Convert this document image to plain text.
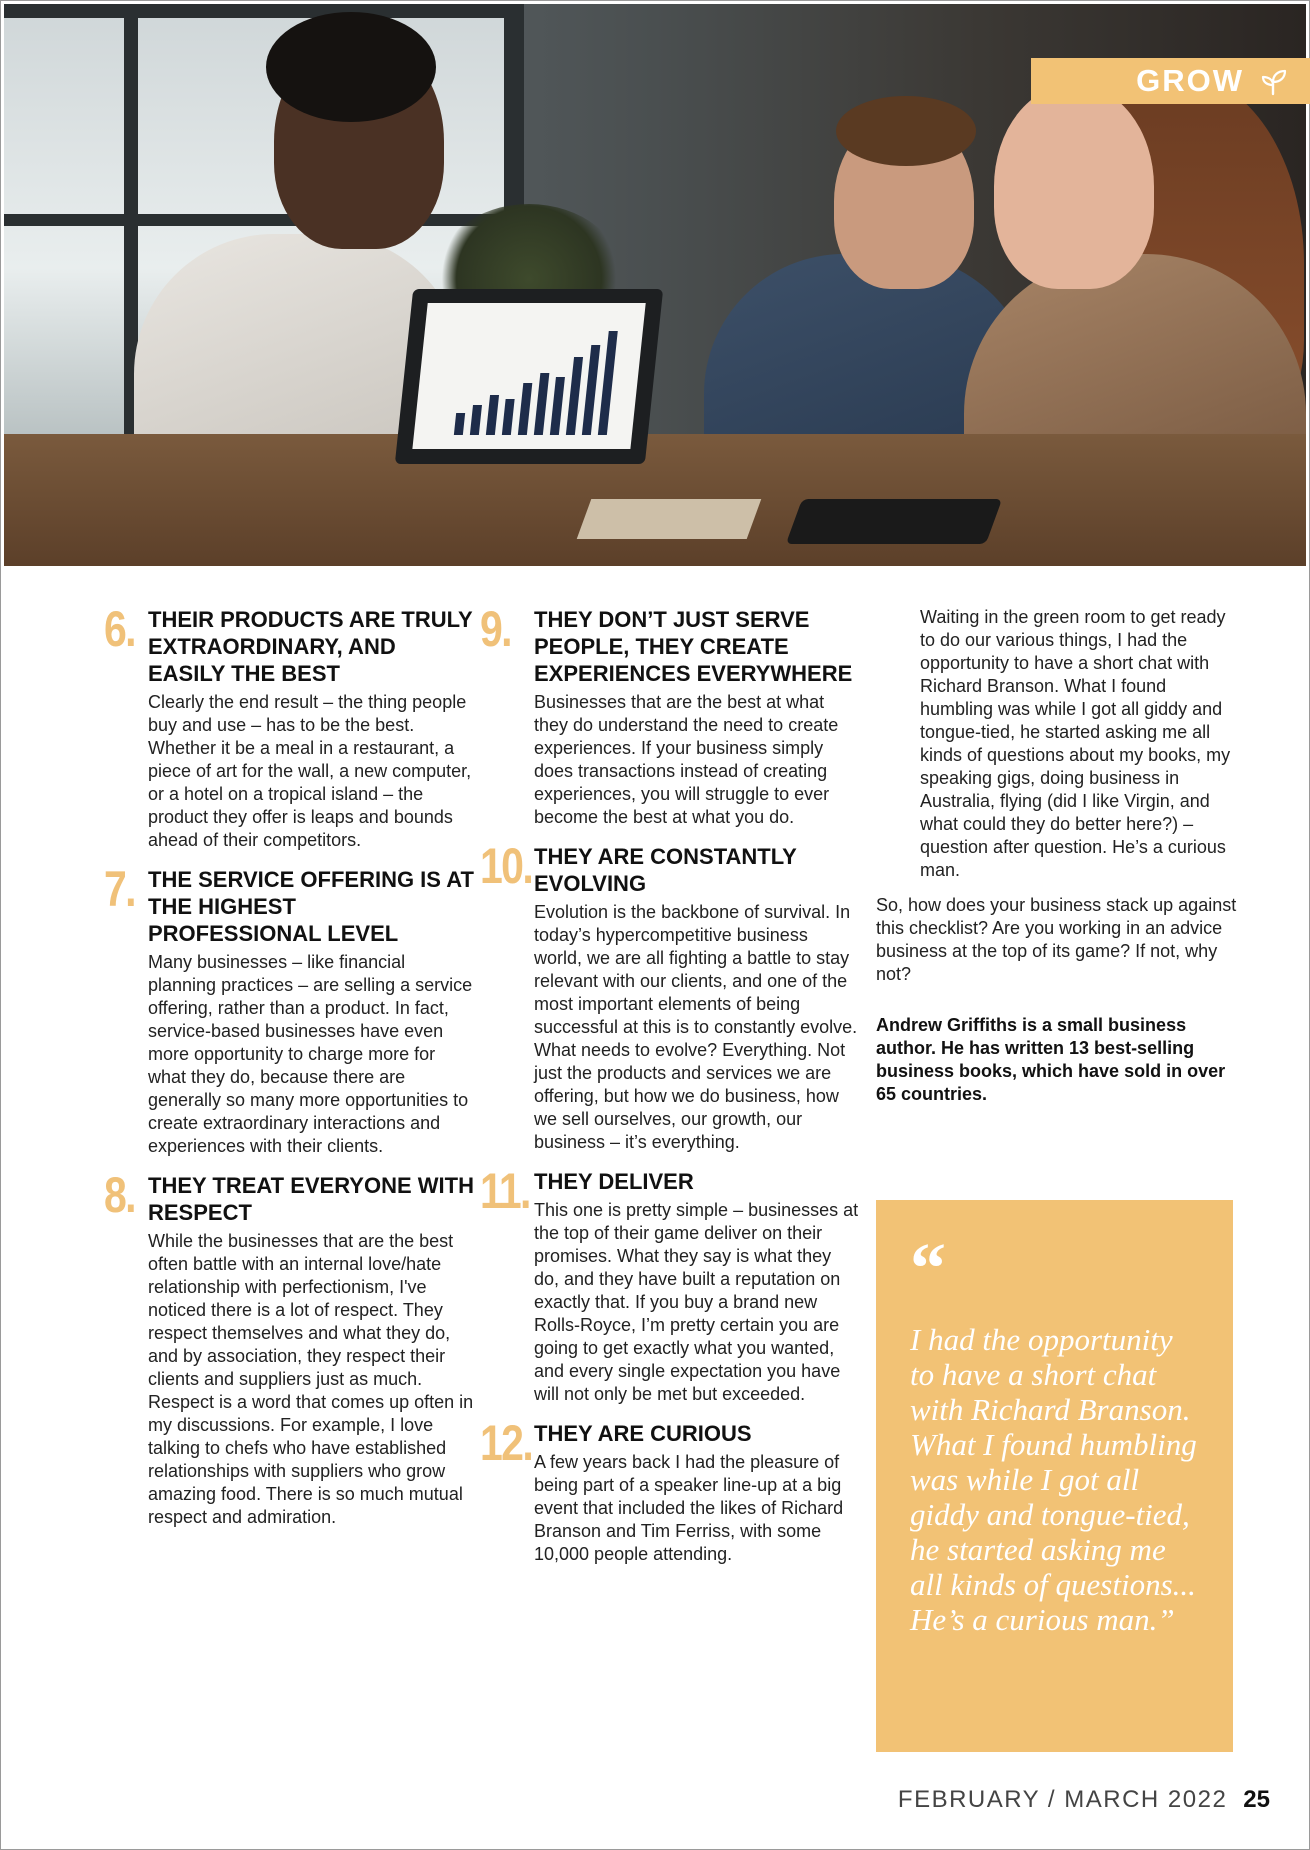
GROW
6. THEIR PRODUCTS ARE TRULY EXTRAORDINARY, AND EASILY THE BEST

Clearly the end result – the thing people buy and use – has to be the best. Whether it be a meal in a restaurant, a piece of art for the wall, a new computer, or a hotel on a tropical island – the product they offer is leaps and bounds ahead of their competitors.

7. THE SERVICE OFFERING IS AT THE HIGHEST PROFESSIONAL LEVEL

Many businesses – like financial planning practices – are selling a service offering, rather than a product. In fact, service-based businesses have even more opportunity to charge more for what they do, because there are generally so many more opportunities to create extraordinary interactions and experiences with their clients.

8. THEY TREAT EVERYONE WITH RESPECT

While the businesses that are the best often battle with an internal love/hate relationship with perfectionism, I've noticed there is a lot of respect. They respect themselves and what they do, and by association, they respect their clients and suppliers just as much. Respect is a word that comes up often in my discussions. For example, I love talking to chefs who have established relationships with suppliers who grow amazing food. There is so much mutual respect and admiration.

9. THEY DON’T JUST SERVE PEOPLE, THEY CREATE EXPERIENCES EVERYWHERE

Businesses that are the best at what they do understand the need to create experiences. If your business simply does transactions instead of creating experiences, you will struggle to ever become the best at what you do.

10. THEY ARE CONSTANTLY EVOLVING

Evolution is the backbone of survival. In today’s hypercompetitive business world, we are all fighting a battle to stay relevant with our clients, and one of the most important elements of being successful at this is to constantly evolve. What needs to evolve? Everything. Not just the products and services we are offering, but how we do business, how we sell ourselves, our growth, our business – it’s everything.

11. THEY DELIVER

This one is pretty simple – businesses at the top of their game deliver on their promises. What they say is what they do, and they have built a reputation on exactly that. If you buy a brand new Rolls-Royce, I’m pretty certain you are going to get exactly what you wanted, and every single expectation you have will not only be met but exceeded.

12. THEY ARE CURIOUS

A few years back I had the pleasure of being part of a speaker line-up at a big event that included the likes of Richard Branson and Tim Ferriss, with some 10,000 people attending.

Waiting in the green room to get ready to do our various things, I had the opportunity to have a short chat with Richard Branson. What I found humbling was while I got all giddy and tongue-tied, he started asking me all kinds of questions about my books, my speaking gigs, doing business in Australia, flying (did I like Virgin, and what could they do better here?) – question after question. He’s a curious man.

So, how does your business stack up against this checklist? Are you working in an advice business at the top of its game? If not, why not?

Andrew Griffiths is a small business author. He has written 13 best-selling business books, which have sold in over 65 countries.

“

I had the opportunity to have a short chat with Richard Branson. What I found humbling was while I got all giddy and tongue-tied, he started asking me all kinds of questions... He’s a curious man.”

FEBRUARY / MARCH 2022 25
